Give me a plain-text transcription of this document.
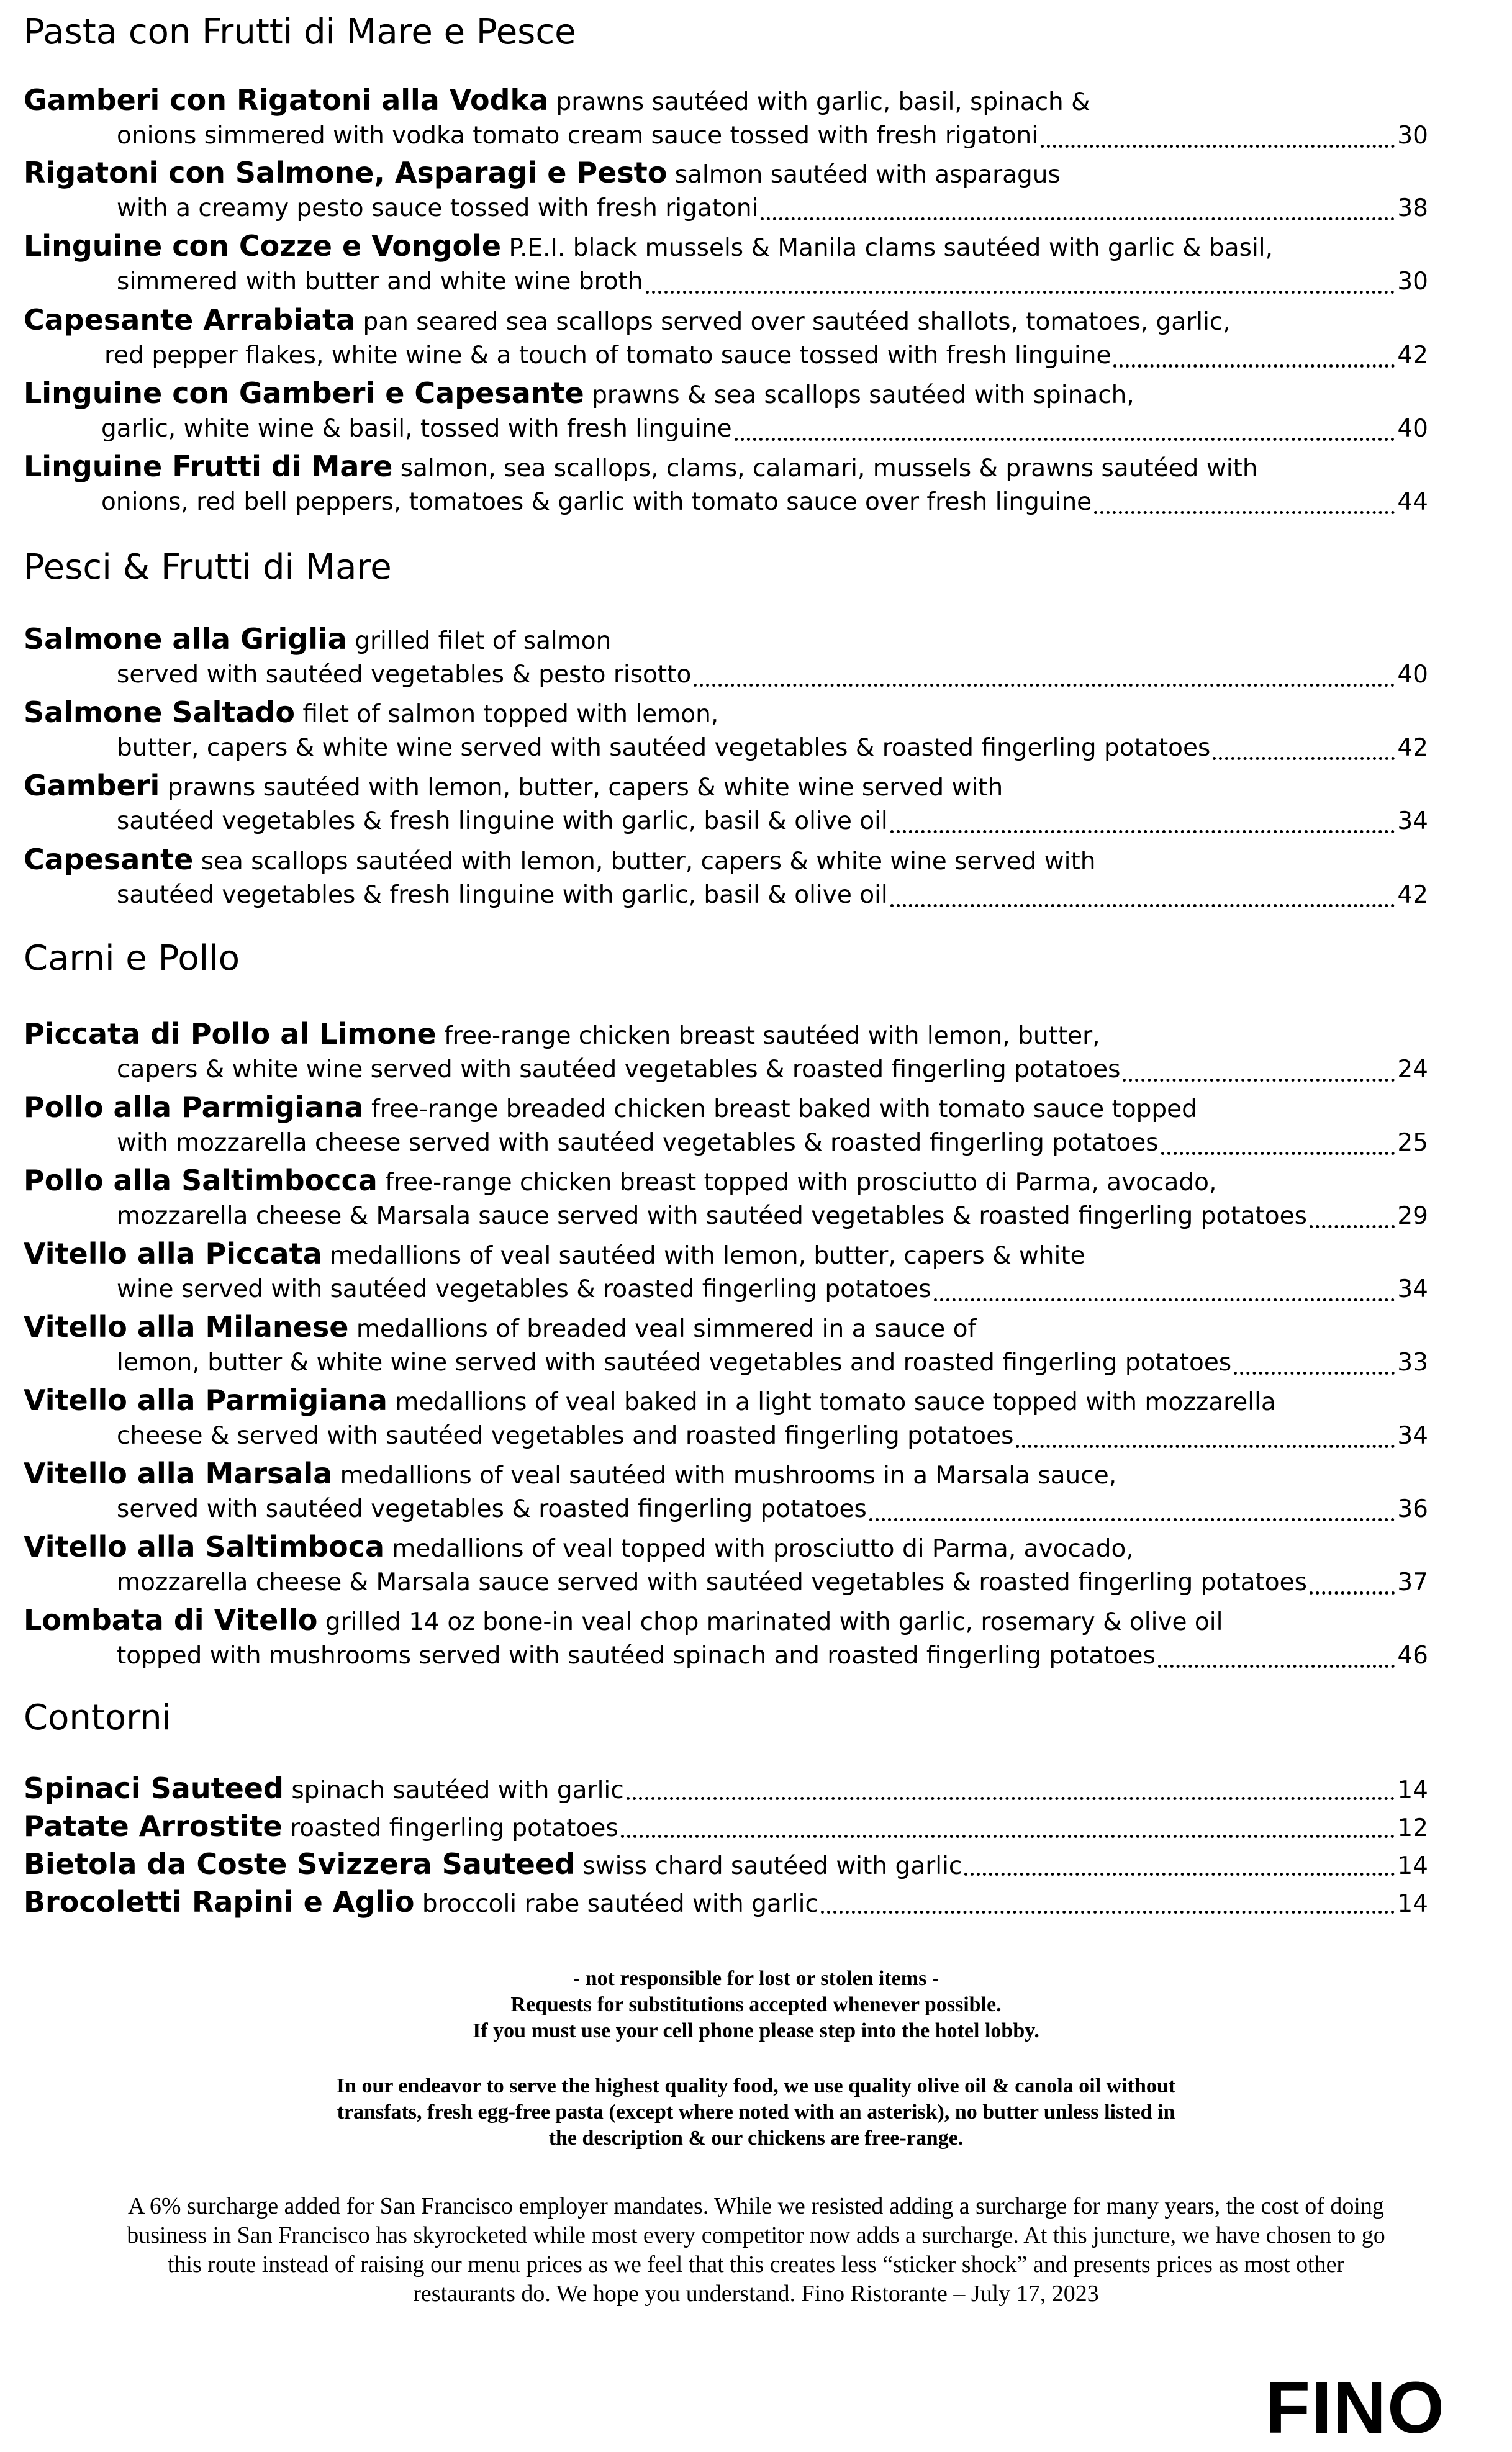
Pasta con Frutti di Mare e Pesce
Gamberi con Rigatoni alla Vodka prawns sautéed with garlic, basil, spinach &
onions simmered with vodka tomato cream sauce tossed with fresh rigatoni	30
Rigatoni con Salmone, Asparagi e Pesto salmon sautéed with asparagus
with a creamy pesto sauce tossed with fresh rigatoni	38
Linguine con Cozze e Vongole P.E.I. black mussels & Manila clams sautéed with garlic & basil,
simmered with butter and white wine broth	30
Capesante Arrabiata pan seared sea scallops served over sautéed shallots, tomatoes, garlic,
red pepper flakes, white wine & a touch of tomato sauce tossed with fresh linguine	42
Linguine con Gamberi e Capesante prawns & sea scallops sautéed with spinach,
garlic, white wine & basil, tossed with fresh linguine	40
Linguine Frutti di Mare salmon, sea scallops, clams, calamari, mussels & prawns sautéed with
onions, red bell peppers, tomatoes & garlic with tomato sauce over fresh linguine	44
Pesci & Frutti di Mare
Salmone alla Griglia grilled filet of salmon
served with sautéed vegetables & pesto risotto	40
Salmone Saltado filet of salmon topped with lemon,
butter, capers & white wine served with sautéed vegetables & roasted fingerling potatoes	42
Gamberi prawns sautéed with lemon, butter, capers & white wine served with
sautéed vegetables & fresh linguine with garlic, basil & olive oil	34
Capesante sea scallops sautéed with lemon, butter, capers & white wine served with
sautéed vegetables & fresh linguine with garlic, basil & olive oil	42
Carni e Pollo
Piccata di Pollo al Limone free-range chicken breast sautéed with lemon, butter,
capers & white wine served with sautéed vegetables & roasted fingerling potatoes	24
Pollo alla Parmigiana free-range breaded chicken breast baked with tomato sauce topped
with mozzarella cheese served with sautéed vegetables & roasted fingerling potatoes	25
Pollo alla Saltimbocca free-range chicken breast topped with prosciutto di Parma, avocado,
mozzarella cheese & Marsala sauce served with sautéed vegetables & roasted fingerling potatoes	29
Vitello alla Piccata medallions of veal sautéed with lemon, butter, capers & white
wine served with sautéed vegetables & roasted fingerling potatoes	34
Vitello alla Milanese medallions of breaded veal simmered in a sauce of
lemon, butter & white wine served with sautéed vegetables and roasted fingerling potatoes	33
Vitello alla Parmigiana medallions of veal baked in a light tomato sauce topped with mozzarella
cheese & served with sautéed vegetables and roasted fingerling potatoes	34
Vitello alla Marsala medallions of veal sautéed with mushrooms in a Marsala sauce,
served with sautéed vegetables & roasted fingerling potatoes	36
Vitello alla Saltimboca medallions of veal topped with prosciutto di Parma, avocado,
mozzarella cheese & Marsala sauce served with sautéed vegetables & roasted fingerling potatoes	37
Lombata di Vitello grilled 14 oz bone-in veal chop marinated with garlic, rosemary & olive oil
topped with mushrooms served with sautéed spinach and roasted fingerling potatoes	46
Contorni
Spinaci Sauteed spinach sautéed with garlic	14
Patate Arrostite roasted fingerling potatoes	12
Bietola da Coste Svizzera Sauteed swiss chard sautéed with garlic	14
Brocoletti Rapini e Aglio broccoli rabe sautéed with garlic	14
- not responsible for lost or stolen items -
Requests for substitutions accepted whenever possible.
If you must use your cell phone please step into the hotel lobby.
In our endeavor to serve the highest quality food, we use quality olive oil & canola oil without
transfats, fresh egg-free pasta (except where noted with an asterisk), no butter unless listed in
the description & our chickens are free-range.
A 6% surcharge added for San Francisco employer mandates. While we resisted adding a surcharge for many years, the cost of doing
business in San Francisco has skyrocketed while most every competitor now adds a surcharge. At this juncture, we have chosen to go
this route instead of raising our menu prices as we feel that this creates less “sticker shock” and presents prices as most other
restaurants do. We hope you understand. Fino Ristorante – July 17, 2023
FINO
